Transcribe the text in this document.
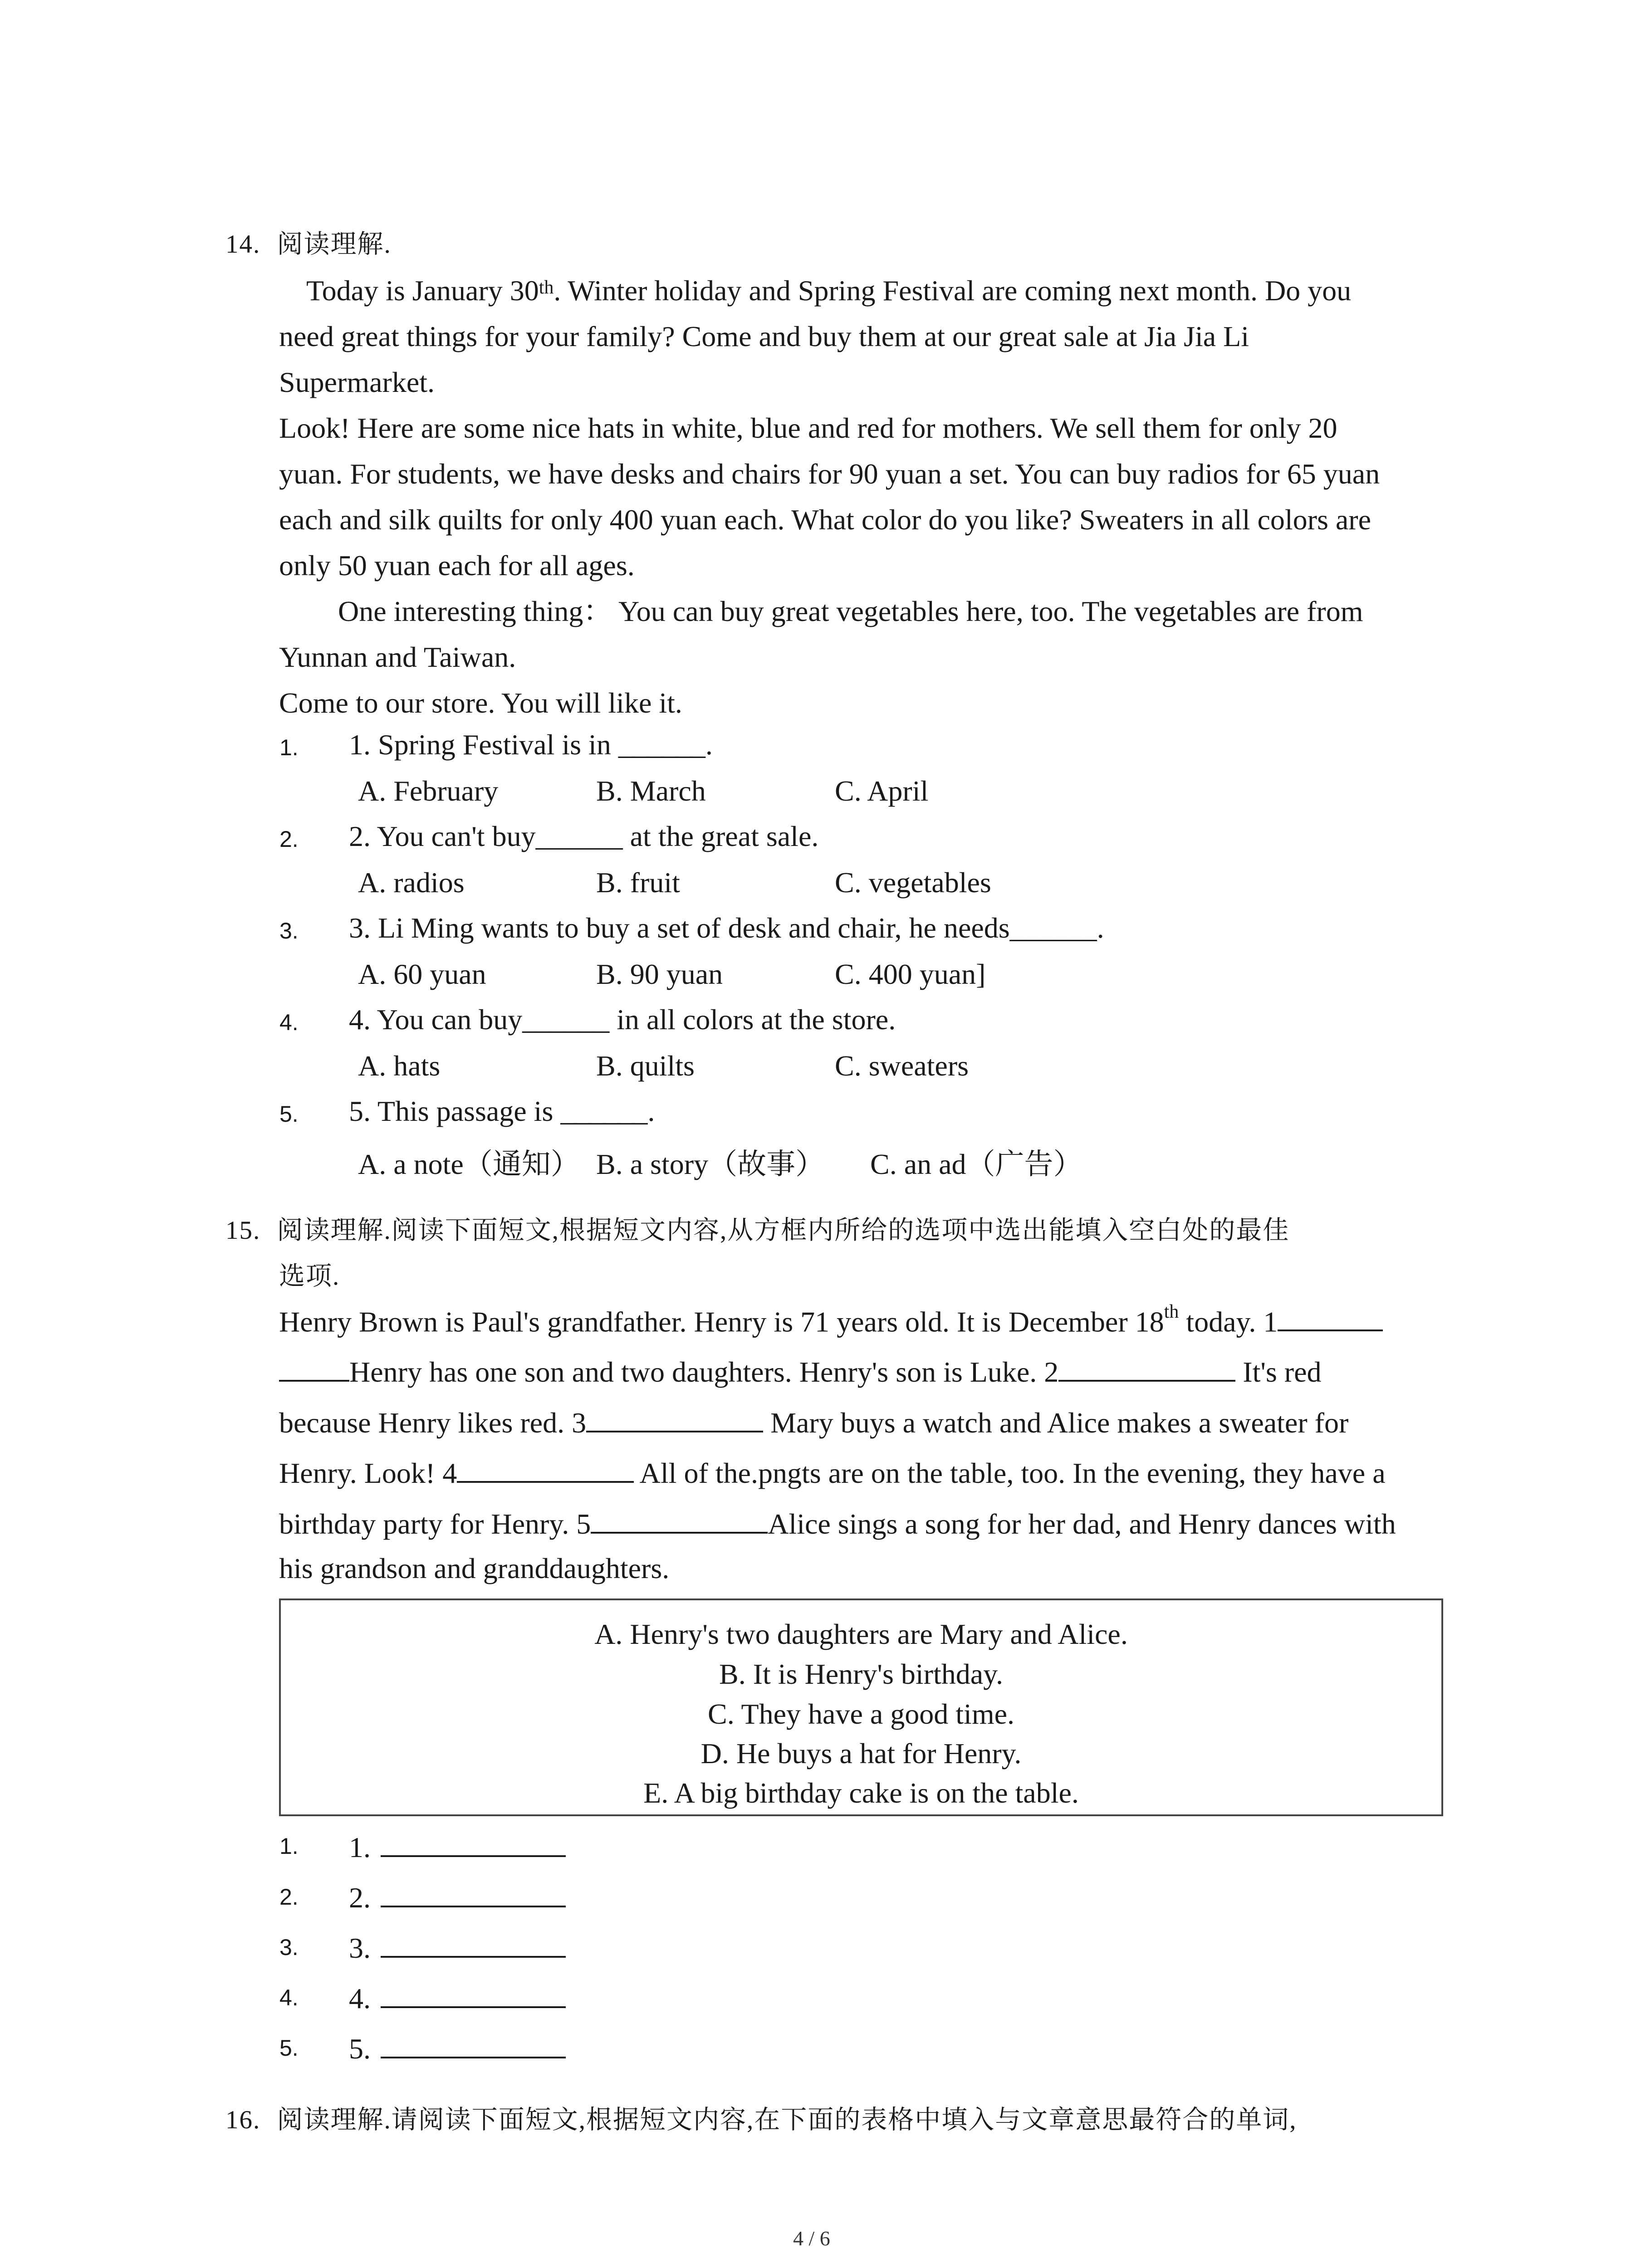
14. 阅读理解.
Today is January 30th. Winter holiday and Spring Festival are coming next month. Do you
need great things for your family? Come and buy them at our great sale at Jia Jia Li
Supermarket.
Look! Here are some nice hats in white, blue and red for mothers. We sell them for only 20
yuan. For students, we have desks and chairs for 90 yuan a set. You can buy radios for 65 yuan
each and silk quilts for only 400 yuan each. What color do you like? Sweaters in all colors are
only 50 yuan each for all ages.
One interesting thing： You can buy great vegetables here, too. The vegetables are from
Yunnan and Taiwan.
Come to our store. You will like it.
1. 1. Spring Festival is in ______.
A. February	B. March	C. April
2. 2. You can't buy______ at the great sale.
A. radios	B. fruit	C. vegetables
3. 3. Li Ming wants to buy a set of desk and chair, he needs______.
A. 60 yuan	B. 90 yuan	C. 400 yuan]
4. 4. You can buy______ in all colors at the store.
A. hats	B. quilts	C. sweaters
5. 5. This passage is ______.
A. a note（通知） B. a story（故事） C. an ad（广告）
15. 阅读理解.阅读下面短文,根据短文内容,从方框内所给的选项中选出能填入空白处的最佳
选项.
Henry Brown is Paul's grandfather. Henry is 71 years old. It is December 18th today. 1
Henry has one son and two daughters. Henry's son is Luke. 2	It's red
because Henry likes red. 3	Mary buys a watch and Alice makes a sweater for
Henry. Look! 4	All of the.pngts are on the table, too. In the evening, they have a
birthday party for Henry. 5	Alice sings a song for her dad, and Henry dances with
his grandson and granddaughters.
A. Henry's two daughters are Mary and Alice.
B. It is Henry's birthday.
C. They have a good time.
D. He buys a hat for Henry.
E. A big birthday cake is on the table.
1. 1.
2. 2.
3. 3.
4. 4.
5. 5.
16. 阅读理解.请阅读下面短文,根据短文内容,在下面的表格中填入与文章意思最符合的单词,
4 / 6
